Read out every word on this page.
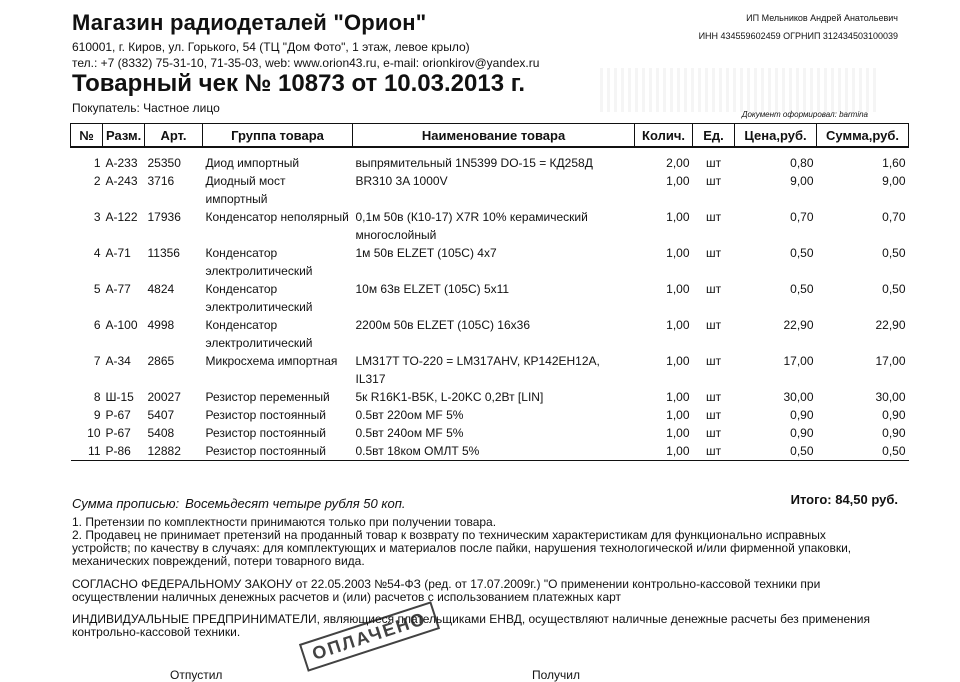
Магазин радиодеталей "Орион"
610001, г. Киров, ул. Горького, 54 (ТЦ "Дом Фото", 1 этаж, левое крыло)
тел.: +7 (8332) 75-31-10, 71-35-03, web: www.orion43.ru, e-mail: orionkirov@yandex.ru
Товарный чек № 10873 от 10.03.2013 г.
Покупатель: Частное лицо
ИП Мельников Андрей Анатольевич
ИНН 434559602459 ОГРНИП 312434503100039
Документ оформировал: barmina
№	Разм.	Арт.	Группа товара	Наименование товара	Колич.	Ед.	Цена,руб.	Сумма,руб.
1	A-233	25350	Диод импортный	выпрямительный 1N5399 DO-15 = КД258Д	2,00	шт	0,80	1,60
2	A-243	3716	Диодный мост импортный	BR310 3A 1000V	1,00	шт	9,00	9,00
3	A-122	17936	Конденсатор неполярный	0,1м 50в (К10-17) X7R 10% керамический многослойный	1,00	шт	0,70	0,70
4	A-71	11356	Конденсатор электролитический	1м 50в ELZET (105C) 4x7	1,00	шт	0,50	0,50
5	A-77	4824	Конденсатор электролитический	10м 63в ELZET (105C) 5x11	1,00	шт	0,50	0,50
6	A-100	4998	Конденсатор электролитический	2200м 50в ELZET (105C) 16x36	1,00	шт	22,90	22,90
7	A-34	2865	Микросхема импортная	LM317T TO-220 = LM317AHV, КР142ЕН12А, IL317	1,00	шт	17,00	17,00
8	Ш-15	20027	Резистор переменный	5к R16K1-B5K, L-20KC 0,2Вт [LIN]	1,00	шт	30,00	30,00
9	P-67	5407	Резистор постоянный	0.5вт 220ом MF 5%	1,00	шт	0,90	0,90
10	P-67	5408	Резистор постоянный	0.5вт 240ом MF 5%	1,00	шт	0,90	0,90
11	P-86	12882	Резистор постоянный	0.5вт 18ком ОМЛТ 5%	1,00	шт	0,50	0,50
Сумма прописью: Восемьдесят четыре рубля 50 коп.	Итого: 84,50 руб.
1. Претензии по комплектности принимаются только при получении товара.
2. Продавец не принимает претензий на проданный товар к возврату по техническим характеристикам для функционально исправных устройств; по качеству в случаях: для комплектующих и материалов после пайки, нарушения технологической и/или фирменной упаковки, механических повреждений, потери товарного вида.
СОГЛАСНО ФЕДЕРАЛЬНОМУ ЗАКОНУ от 22.05.2003 №54-ФЗ (ред. от 17.07.2009г.) "О применении контрольно-кассовой техники при осуществлении наличных денежных расчетов и (или) расчетов с использованием платежных карт
ИНДИВИДУАЛЬНЫЕ ПРЕДПРИНИМАТЕЛИ, являющиеся плательщиками ЕНВД, осуществляют наличные денежные расчеты без применения контрольно-кассовой техники.	ОПЛАЧЕНО
Отпустил	Получил
